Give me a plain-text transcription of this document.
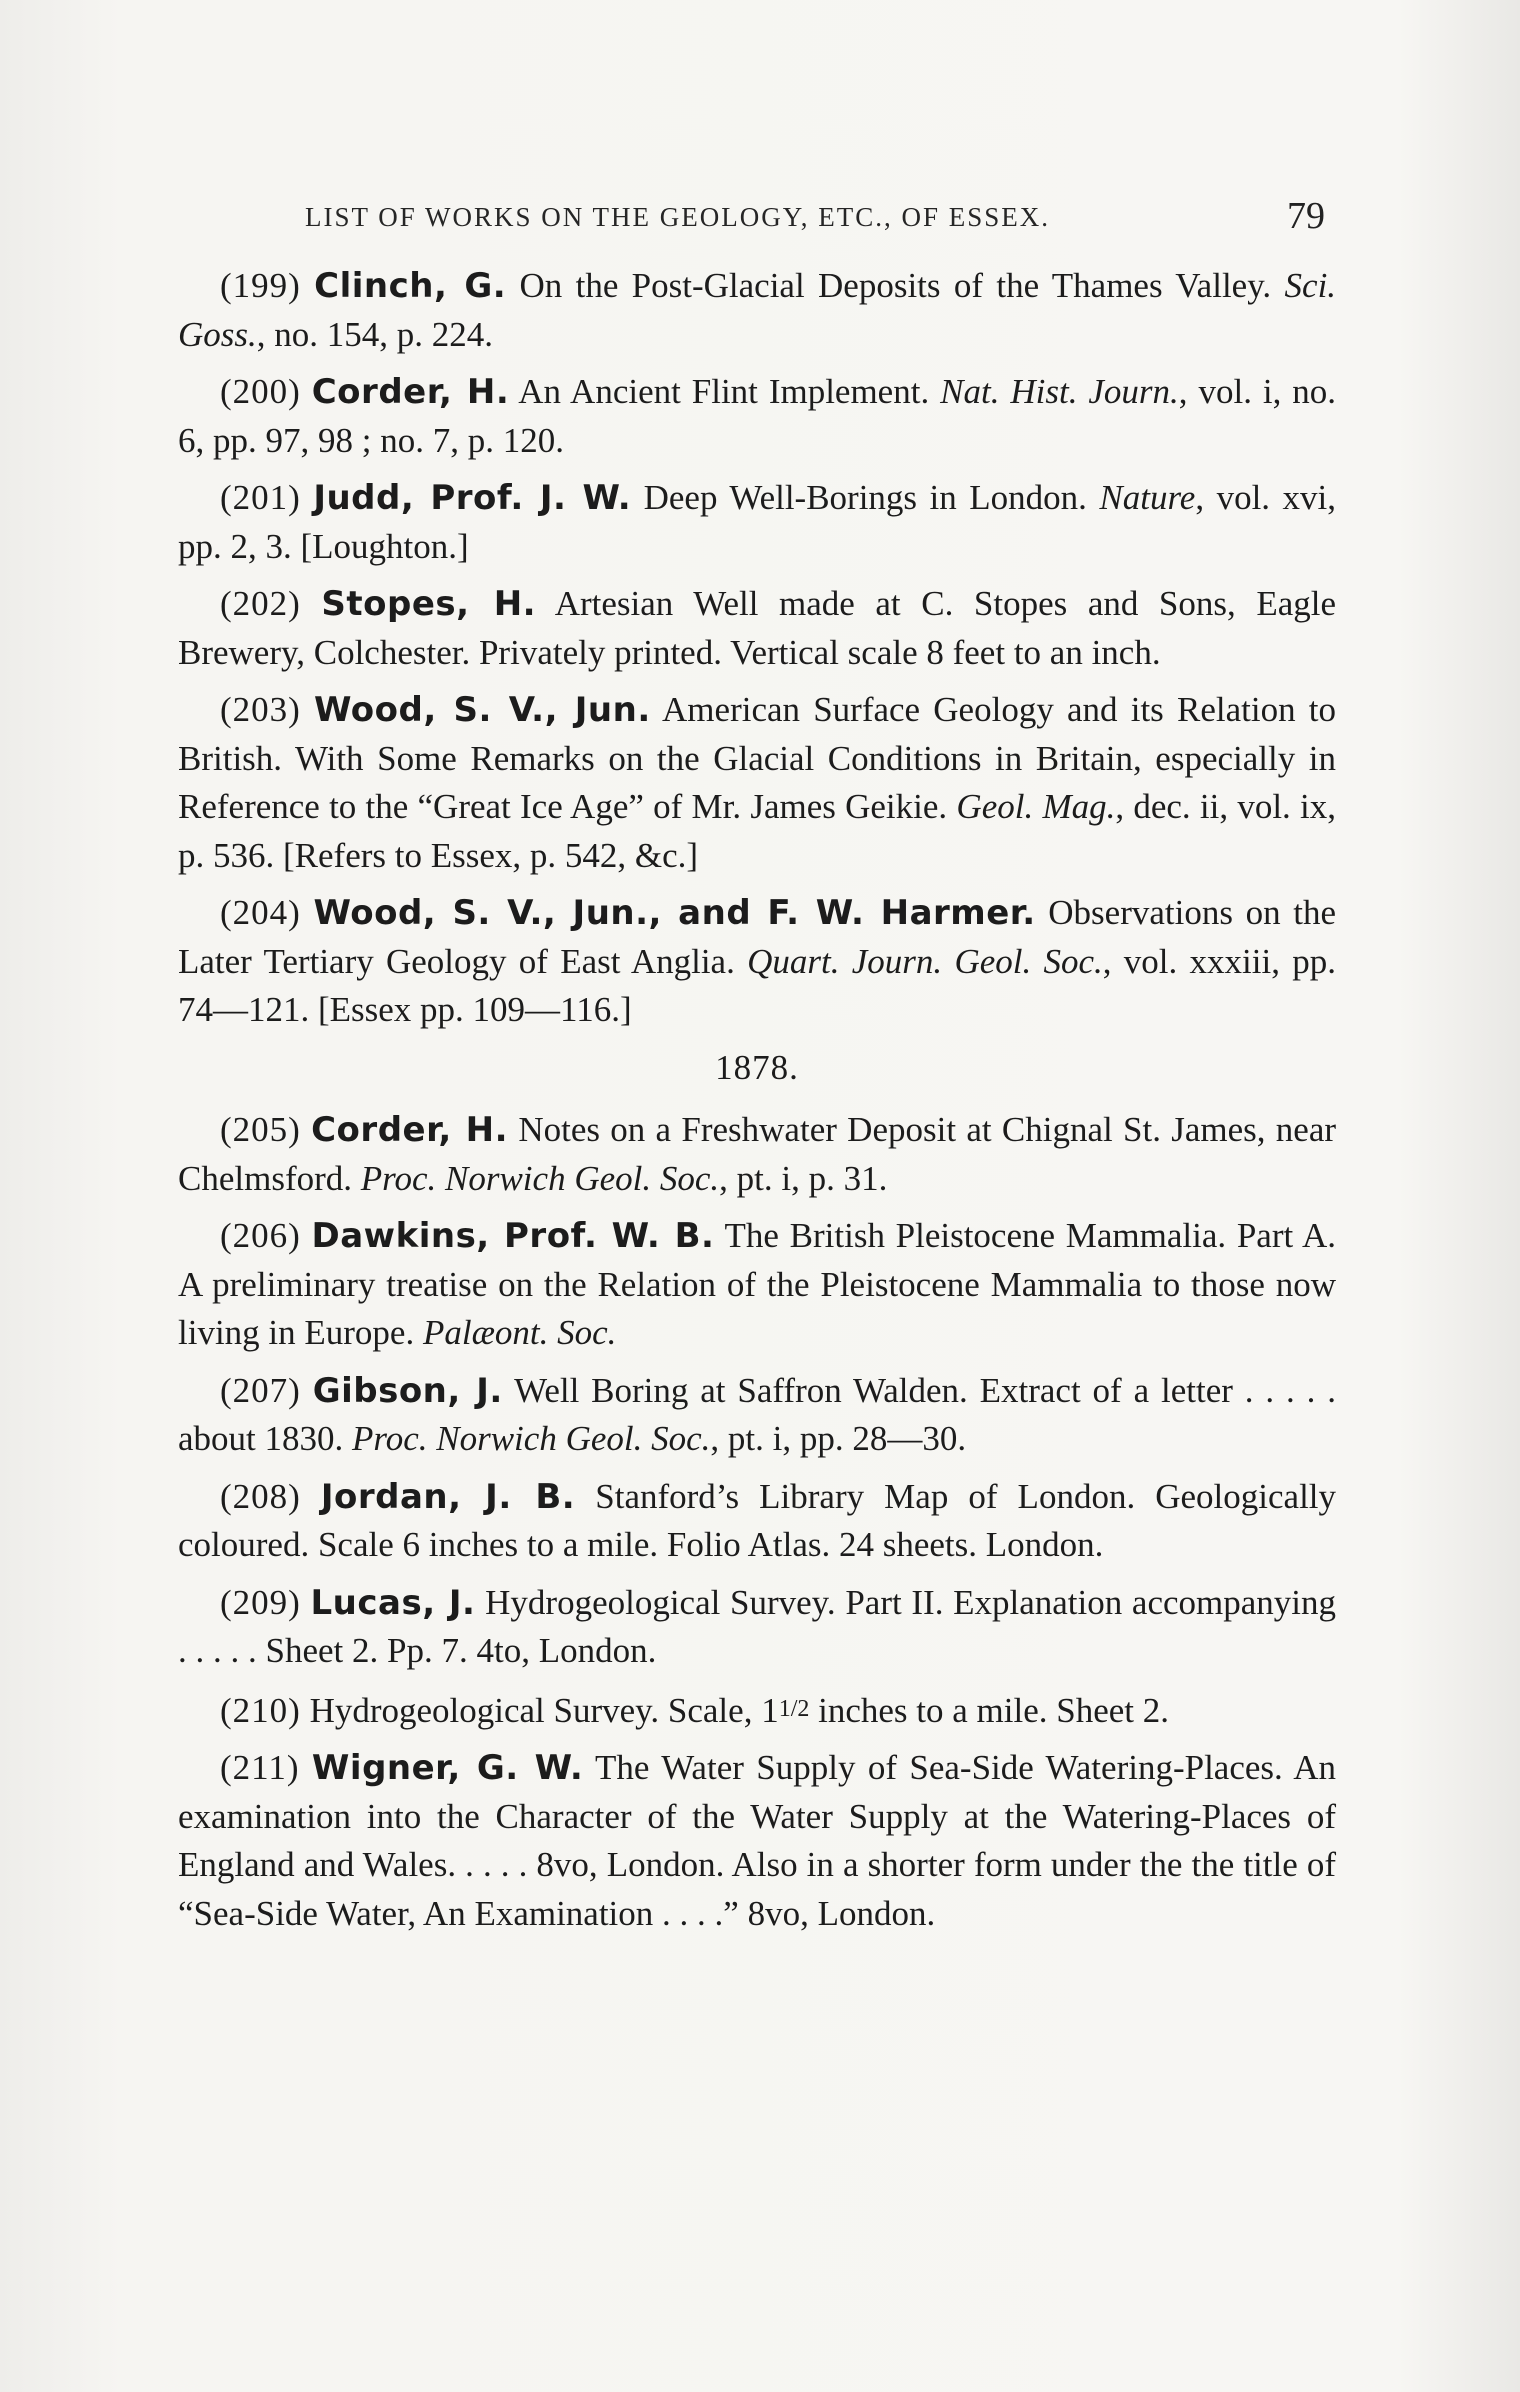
LIST OF WORKS ON THE GEOLOGY, ETC., OF ESSEX.	79

(199) Clinch, G. On the Post-Glacial Deposits of the Thames Valley. Sci. Goss., no. 154, p. 224.

(200) Corder, H. An Ancient Flint Implement. Nat. Hist. Journ., vol. i, no. 6, pp. 97, 98 ; no. 7, p. 120.

(201) Judd, Prof. J. W. Deep Well-Borings in London. Nature, vol. xvi, pp. 2, 3. [Loughton.]

(202) Stopes, H. Artesian Well made at C. Stopes and Sons, Eagle Brewery, Colchester. Privately printed. Vertical scale 8 feet to an inch.

(203) Wood, S. V., Jun. American Surface Geology and its Relation to British. With Some Remarks on the Glacial Conditions in Britain, especially in Reference to the “Great Ice Age” of Mr. James Geikie. Geol. Mag., dec. ii, vol. ix, p. 536. [Refers to Essex, p. 542, &c.]

(204) Wood, S. V., Jun., and F. W. Harmer. Observations on the Later Tertiary Geology of East Anglia. Quart. Journ. Geol. Soc., vol. xxxiii, pp. 74—121. [Essex pp. 109—116.]

1878.

(205) Corder, H. Notes on a Freshwater Deposit at Chignal St. James, near Chelmsford. Proc. Norwich Geol. Soc., pt. i, p. 31.

(206) Dawkins, Prof. W. B. The British Pleistocene Mammalia. Part A. A preliminary treatise on the Relation of the Pleistocene Mammalia to those now living in Europe. Palæont. Soc.

(207) Gibson, J. Well Boring at Saffron Walden. Extract of a letter . . . . . about 1830. Proc. Norwich Geol. Soc., pt. i, pp. 28—30.

(208) Jordan, J. B. Stanford’s Library Map of London. Geologically coloured. Scale 6 inches to a mile. Folio Atlas. 24 sheets. London.

(209) Lucas, J. Hydrogeological Survey. Part II. Explanation accompanying . . . . . Sheet 2. Pp. 7. 4to, London.

(210) Hydrogeological Survey. Scale, 11/2 inches to a mile. Sheet 2.

(211) Wigner, G. W. The Water Supply of Sea-Side Watering-Places. An examination into the Character of the Water Supply at the Watering-Places of England and Wales. . . . . 8vo, London. Also in a shorter form under the the title of “Sea-Side Water, An Examination . . . .” 8vo, London.
